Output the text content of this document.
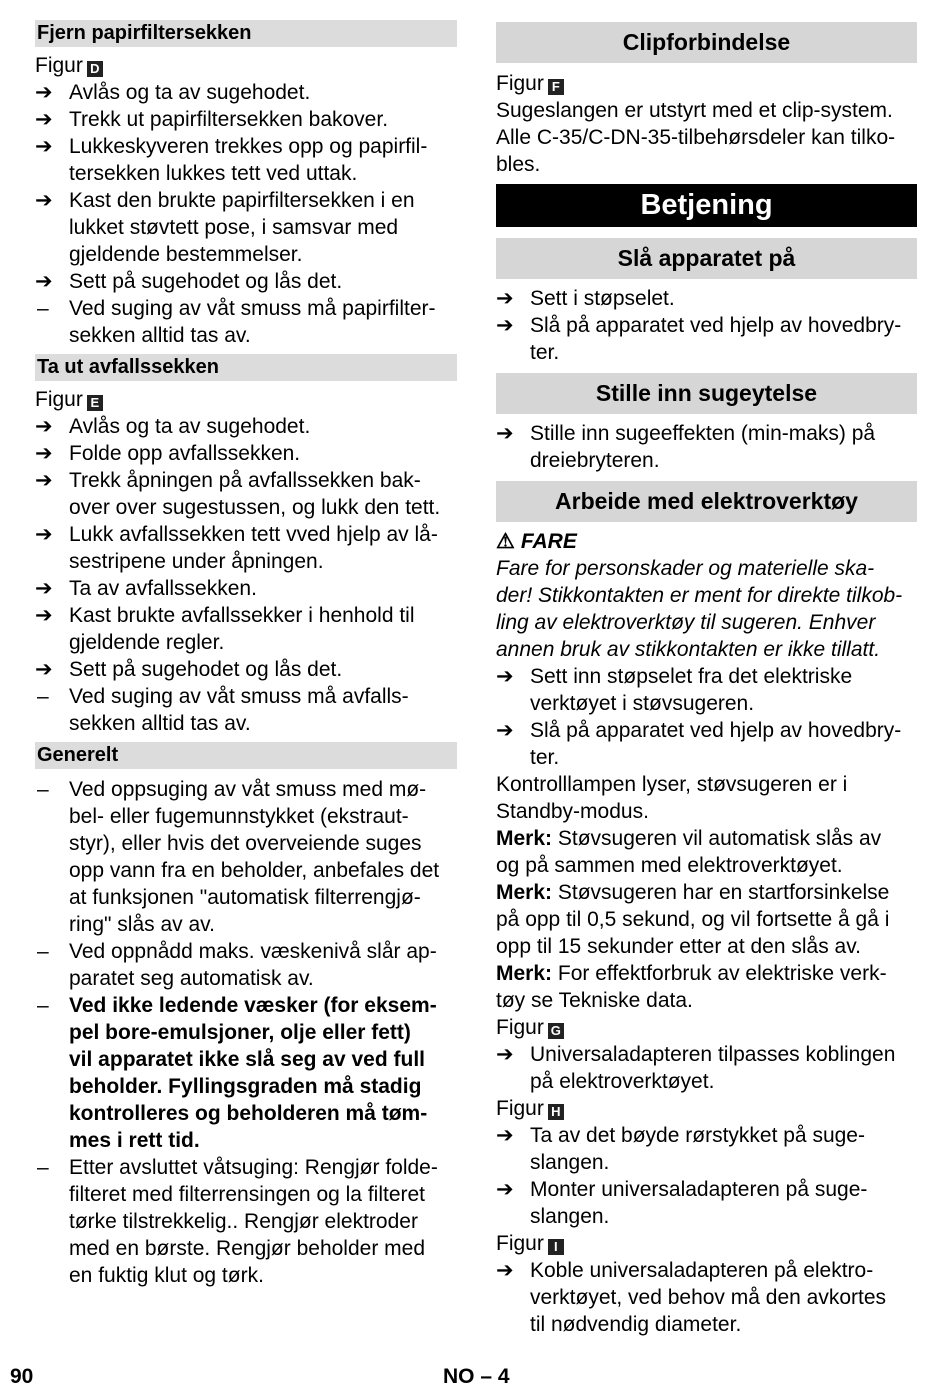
Fjern papirfiltersekken
Figur D
➔ Avlås og ta av sugehodet.
➔ Trekk ut papirfiltersekken bakover.
➔ Lukkeskyveren trekkes opp og papirfil-
tersekken lukkes tett ved uttak.
➔ Kast den brukte papirfiltersekken i en
lukket støvtett pose, i samsvar med
gjeldende bestemmelser.
➔ Sett på sugehodet og lås det.
– Ved suging av våt smuss må papirfilter-
sekken alltid tas av.
Ta ut avfallssekken
Figur E
➔ Avlås og ta av sugehodet.
➔ Folde opp avfallssekken.
➔ Trekk åpningen på avfallssekken bak-
over over sugestussen, og lukk den tett.
➔ Lukk avfallssekken tett vved hjelp av lå-
sestripene under åpningen.
➔ Ta av avfallssekken.
➔ Kast brukte avfallssekker i henhold til
gjeldende regler.
➔ Sett på sugehodet og lås det.
– Ved suging av våt smuss må avfalls-
sekken alltid tas av.
Generelt
– Ved oppsuging av våt smuss med mø-
bel- eller fugemunnstykket (ekstraut-
styr), eller hvis det overveiende suges
opp vann fra en beholder, anbefales det
at funksjonen "automatisk filterrengjø-
ring" slås av av.
– Ved oppnådd maks. væskenivå slår ap-
paratet seg automatisk av.
– Ved ikke ledende væsker (for eksem-
pel bore-emulsjoner, olje eller fett)
vil apparatet ikke slå seg av ved full
beholder. Fyllingsgraden må stadig
kontrolleres og beholderen må tøm-
mes i rett tid.
– Etter avsluttet våtsuging: Rengjør folde-
filteret med filterrensingen og la filteret
tørke tilstrekkelig.. Rengjør elektroder
med en børste. Rengjør beholder med
en fuktig klut og tørk.
Clipforbindelse
Figur F
Sugeslangen er utstyrt med et clip-system.
Alle C-35/C-DN-35-tilbehørsdeler kan tilko-
bles.
Betjening
Slå apparatet på
➔ Sett i støpselet.
➔ Slå på apparatet ved hjelp av hovedbry-
ter.
Stille inn sugeytelse
➔ Stille inn sugeeffekten (min-maks) på
dreiebryteren.
Arbeide med elektroverktøy
⚠ FARE
Fare for personskader og materielle ska-
der! Stikkontakten er ment for direkte tilkob-
ling av elektroverktøy til sugeren. Enhver
annen bruk av stikkontakten er ikke tillatt.
➔ Sett inn støpselet fra det elektriske
verktøyet i støvsugeren.
➔ Slå på apparatet ved hjelp av hovedbry-
ter.
Kontrolllampen lyser, støvsugeren er i
Standby-modus.
Merk: Støvsugeren vil automatisk slås av
og på sammen med elektroverktøyet.
Merk: Støvsugeren har en startforsinkelse
på opp til 0,5 sekund, og vil fortsette å gå i
opp til 15 sekunder etter at den slås av.
Merk: For effektforbruk av elektriske verk-
tøy se Tekniske data.
Figur G
➔ Universaladapteren tilpasses koblingen
på elektroverktøyet.
Figur H
➔ Ta av det bøyde rørstykket på suge-
slangen.
➔ Monter universaladapteren på suge-
slangen.
Figur I
➔ Koble universaladapteren på elektro-
verktøyet, ved behov må den avkortes
til nødvendig diameter.
90	NO – 4
